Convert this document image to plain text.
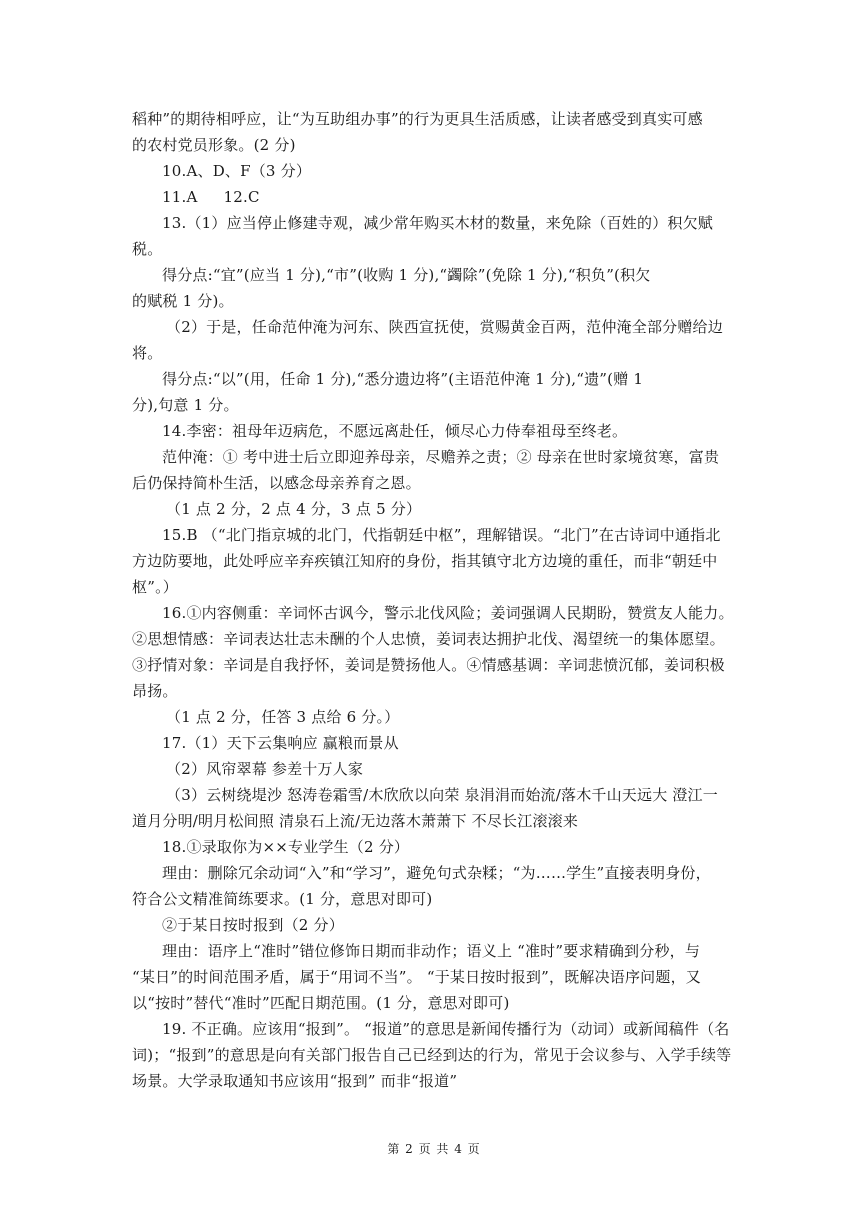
稻种”的期待相呼应，让“为互助组办事”的行为更具生活质感，让读者感受到真实可感
的农村党员形象。(2 分)
10.A、D、F（3 分）
11.A 12.C
13.（1）应当停止修建寺观，减少常年购买木材的数量，来免除（百姓的）积欠赋
税。
得分点:“宜”(应当 1 分),“市”(收购 1 分),“蠲除”(免除 1 分),“积负”(积欠
的赋税 1 分)。
（2）于是，任命范仲淹为河东、陕西宣抚使，赏赐黄金百两，范仲淹全部分赠给边
将。
得分点:“以”(用，任命 1 分),“悉分遗边将”(主语范仲淹 1 分),“遗”(赠 1
分),句意 1 分。
14.李密：祖母年迈病危，不愿远离赴任，倾尽心力侍奉祖母至终老。
范仲淹：① 考中进士后立即迎养母亲，尽赡养之责；② 母亲在世时家境贫寒，富贵
后仍保持简朴生活，以感念母亲养育之恩。
（1 点 2 分，2 点 4 分，3 点 5 分）
15.B （“北门指京城的北门，代指朝廷中枢”，理解错误。“北门”在古诗词中通指北
方边防要地，此处呼应辛弃疾镇江知府的身份，指其镇守北方边境的重任，而非“朝廷中
枢”。）
16.①内容侧重：辛词怀古讽今，警示北伐风险；姜词强调人民期盼，赞赏友人能力。
②思想情感：辛词表达壮志未酬的个人忠愤，姜词表达拥护北伐、渴望统一的集体愿望。
③抒情对象：辛词是自我抒怀，姜词是赞扬他人。④情感基调：辛词悲愤沉郁，姜词积极
昂扬。
（1 点 2 分，任答 3 点给 6 分。）
17.（1）天下云集响应 赢粮而景从
（2）风帘翠幕 参差十万人家
（3）云树绕堤沙 怒涛卷霜雪/木欣欣以向荣 泉涓涓而始流/落木千山天远大 澄江一
道月分明/明月松间照 清泉石上流/无边落木萧萧下 不尽长江滚滚来
18.①录取你为××专业学生（2 分）
理由：删除冗余动词“入”和“学习”，避免句式杂糅；“为……学生”直接表明身份，
符合公文精准简练要求。(1 分，意思对即可)
②于某日按时报到（2 分）
理由：语序上“准时”错位修饰日期而非动作；语义上 “准时”要求精确到分秒，与
“某日”的时间范围矛盾，属于“用词不当”。 “于某日按时报到”，既解决语序问题，又
以“按时”替代“准时”匹配日期范围。(1 分，意思对即可)
19. 不正确。应该用“报到”。 “报道”的意思是新闻传播行为（动词）或新闻稿件（名
词)；“报到”的意思是向有关部门报告自己已经到达的行为，常见于会议参与、入学手续等
场景。大学录取通知书应该用“报到” 而非“报道”
第 2 页 共 4 页
